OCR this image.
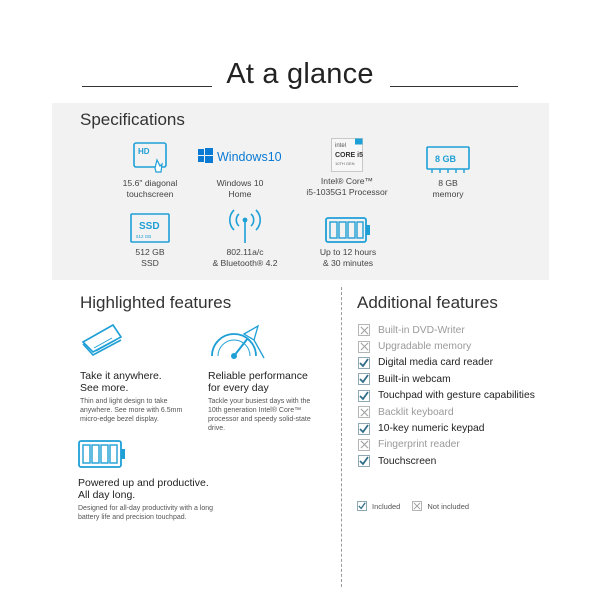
At a glance
Specifications
HD
15.6" diagonal
touchscreen
Windows10
Windows 10
Home
intel
CORE i5
10TH GEN
Intel® Core™
i5-1035G1 Processor
8 GB
8 GB
memory
SSD
512 GB
512 GB
SSD
802.11a/c
& Bluetooth® 4.2
Up to 12 hours
& 30 minutes
Highlighted features
Take it anywhere.
See more.
Thin and light design to take
anywhere. See more with 6.5mm
micro-edge bezel display.
Reliable performance
for every day
Tackle your busiest days with the
10th generation Intel® Core™
processor and speedy solid-state
drive.
Powered up and productive.
All day long.
Designed for all-day productivity with a long
battery life and precision touchpad.
Additional features
Built-in DVD-Writer
Upgradable memory
Digital media card reader
Built-in webcam
Touchpad with gesture capabilities
Backlit keyboard
10-key numeric keypad
Fingerprint reader
Touchscreen
Included	Not included
